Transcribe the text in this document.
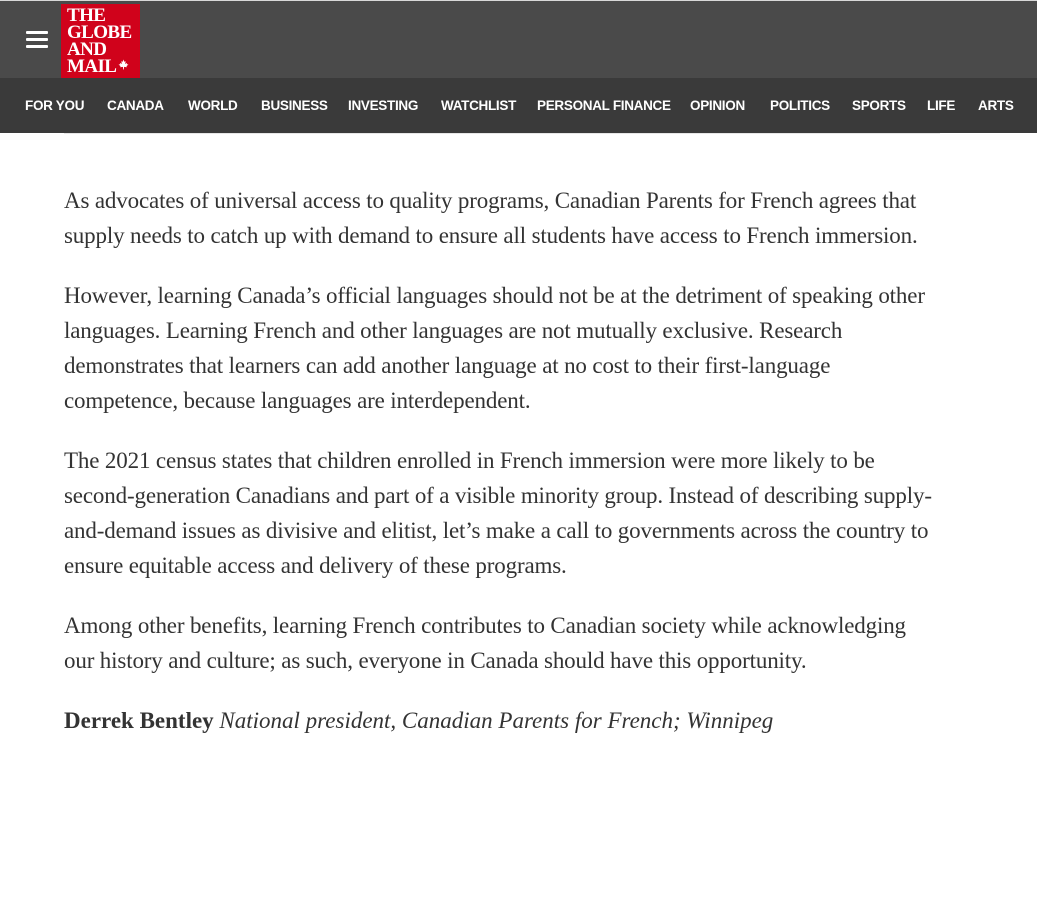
THE
GLOBE
AND
MAIL
FOR YOU CANADA WORLD BUSINESS INVESTING WATCHLIST PERSONAL FINANCE OPINION POLITICS SPORTS LIFE ARTS

As advocates of universal access to quality programs, Canadian Parents for French agrees that supply needs to catch up with demand to ensure all students have access to French immersion.

However, learning Canada’s official languages should not be at the detriment of speaking other languages. Learning French and other languages are not mutually exclusive. Research demonstrates that learners can add another language at no cost to their first-language competence, because languages are interdependent.

The 2021 census states that children enrolled in French immersion were more likely to be second-generation Canadians and part of a visible minority group. Instead of describing supply-and-demand issues as divisive and elitist, let’s make a call to governments across the country to ensure equitable access and delivery of these programs.

Among other benefits, learning French contributes to Canadian society while acknowledging our history and culture; as such, everyone in Canada should have this opportunity.

Derrek Bentley National president, Canadian Parents for French; Winnipeg
